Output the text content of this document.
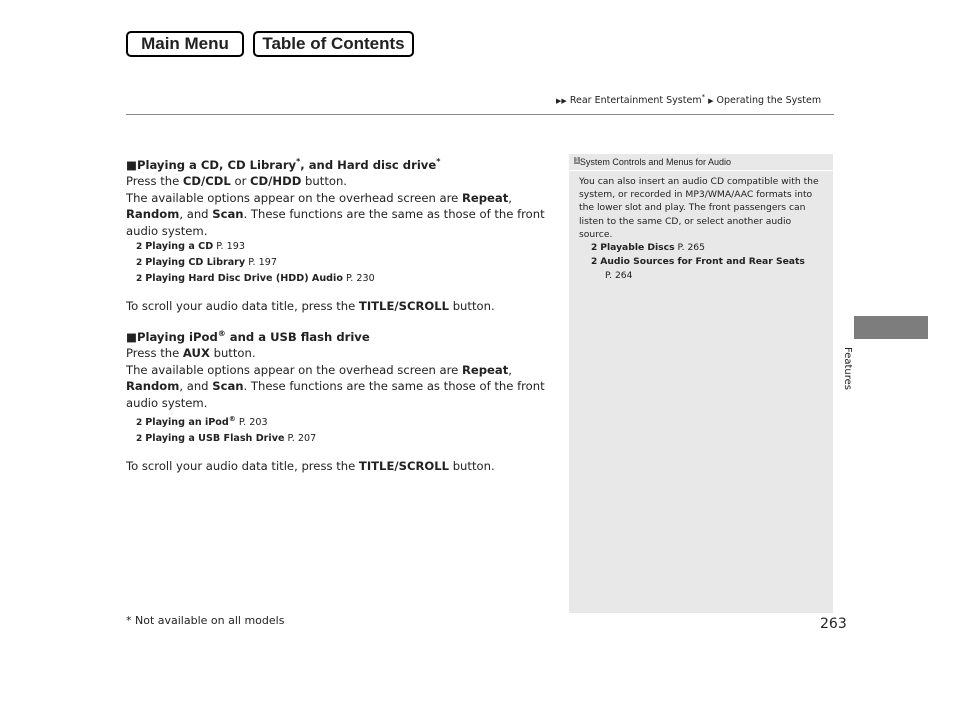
Main Menu	Table of Contents
▶▶ Rear Entertainment System* ▶ Operating the System
Features

■Playing a CD, CD Library*, and Hard disc drive*

Press the CD/CDL or CD/HDD button.

The available options appear on the overhead screen are Repeat, Random, and Scan. These functions are the same as those of the front audio system.

2 Playing a CD P. 193
2 Playing CD Library P. 197
2 Playing Hard Disc Drive (HDD) Audio P. 230

To scroll your audio data title, press the TITLE/SCROLL button.

■Playing iPod® and a USB flash drive

Press the AUX button.

The available options appear on the overhead screen are Repeat, Random, and Scan. These functions are the same as those of the front audio system.

2 Playing an iPod® P. 203
2 Playing a USB Flash Drive P. 207

To scroll your audio data title, press the TITLE/SCROLL button.

$^1$System Controls and Menus for Audio
You can also insert an audio CD compatible with the system, or recorded in MP3/WMA/AAC formats into the lower slot and play. The front passengers can listen to the same CD, or select another audio source.
2 Playable Discs P. 265
2 Audio Sources for Front and Rear Seats
P. 264
* Not available on all models	263
